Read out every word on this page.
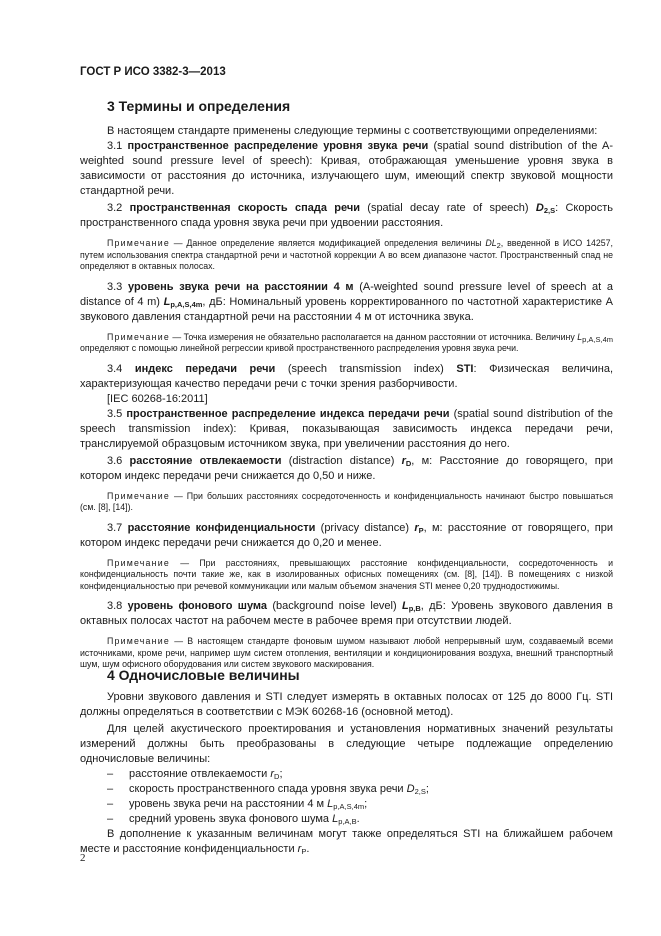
ГОСТ Р ИСО 3382-3—2013
3 Термины и определения

В настоящем стандарте применены следующие термины с соответствующими определениями:

3.1 пространственное распределение уровня звука речи (spatial sound distribution of the A-weighted sound pressure level of speech): Кривая, отображающая уменьшение уровня звука в зависимости от расстояния до источника, излучающего шум, имеющий спектр звуковой мощности стандартной речи.

3.2 пространственная скорость спада речи (spatial decay rate of speech) $D_{2,S}$: Скорость пространственного спада уровня звука речи при удвоении расстояния.

Примечание — Данное определение является модификацией определения величины $DL_2$, введенной в ИСО 14257, путем использования спектра стандартной речи и частотной коррекции А во всем диапазоне частот. Пространственный спад не определяют в октавных полосах.

3.3 уровень звука речи на расстоянии 4 м (A-weighted sound pressure level of speech at a distance of 4 m) $L_{p,A,S,4m}$, дБ: Номинальный уровень корректированного по частотной характеристике А звукового давления стандартной речи на расстоянии 4 м от источника звука.

Примечание — Точка измерения не обязательно располагается на данном расстоянии от источника. Величину $L_{p,A,S,4m}$ определяют с помощью линейной регрессии кривой пространственного распределения уровня звука речи.

3.4 индекс передачи речи (speech transmission index) STI: Физическая величина, характеризующая качество передачи речи с точки зрения разборчивости.

[IEC 60268-16:2011]

3.5 пространственное распределение индекса передачи речи (spatial sound distribution of the speech transmission index): Кривая, показывающая зависимость индекса передачи речи, транслируемой образцовым источником звука, при увеличении расстояния до него.

3.6 расстояние отвлекаемости (distraction distance) $r_D$, м: Расстояние до говорящего, при котором индекс передачи речи снижается до 0,50 и ниже.

Примечание — При больших расстояниях сосредоточенность и конфиденциальность начинают быстро повышаться (см. [8], [14]).

3.7 расстояние конфиденциальности (privacy distance) $r_P$, м: расстояние от говорящего, при котором индекс передачи речи снижается до 0,20 и менее.

Примечание — При расстояниях, превышающих расстояние конфиденциальности, сосредоточенность и конфиденциальность почти такие же, как в изолированных офисных помещениях (см. [8], [14]). В помещениях с низкой конфиденциальностью при речевой коммуникации или малым объемом значения STI менее 0,20 труднодостижимы.

3.8 уровень фонового шума (background noise level) $L_{p,B}$, дБ: Уровень звукового давления в октавных полосах частот на рабочем месте в рабочее время при отсутствии людей.

Примечание — В настоящем стандарте фоновым шумом называют любой непрерывный шум, создаваемый всеми источниками, кроме речи, например шум систем отопления, вентиляции и кондиционирования воздуха, внешний транспортный шум, шум офисного оборудования или систем звукового маскирования.

4 Одночисловые величины

Уровни звукового давления и STI следует измерять в октавных полосах от 125 до 8000 Гц. STI должны определяться в соответствии с МЭК 60268-16 (основной метод).

Для целей акустического проектирования и установления нормативных значений результаты измерений должны быть преобразованы в следующие четыре подлежащие определению одночисловые величины:

– расстояние отвлекаемости $r_D$;
– скорость пространственного спада уровня звука речи $D_{2,S}$;
– уровень звука речи на расстоянии 4 м $L_{p,A,S,4m}$;
– средний уровень звука фонового шума $L_{p,A,B}$.

В дополнение к указанным величинам могут также определяться STI на ближайшем рабочем месте и расстояние конфиденциальности $r_P$.

2
